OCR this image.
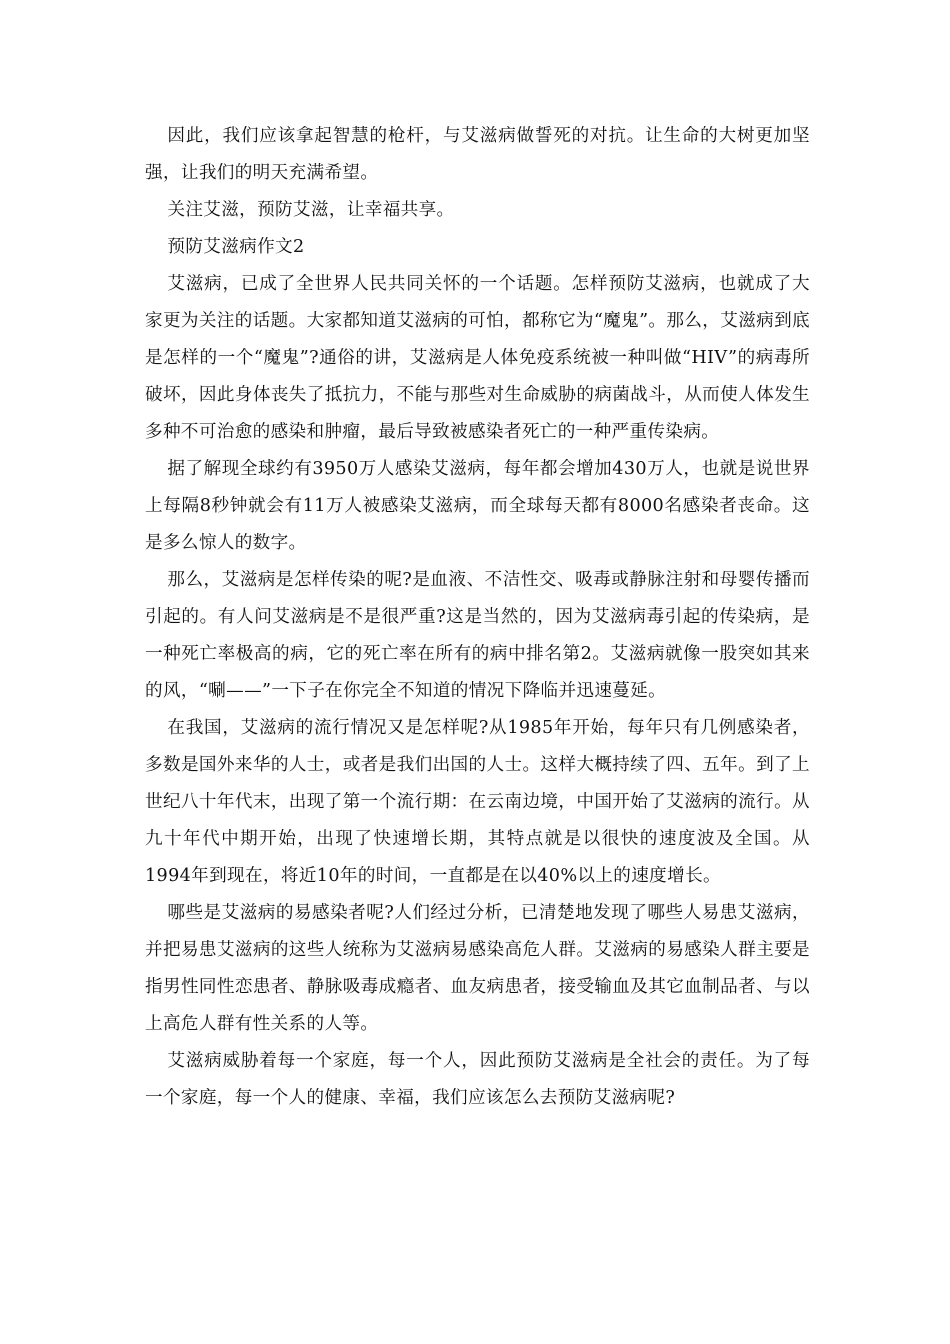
因此，我们应该拿起智慧的枪杆，与艾滋病做誓死的对抗。让生命的大树更加坚强，让我们的明天充满希望。

关注艾滋，预防艾滋，让幸福共享。

预防艾滋病作文2

艾滋病，已成了全世界人民共同关怀的一个话题。怎样预防艾滋病，也就成了大家更为关注的话题。大家都知道艾滋病的可怕，都称它为“魔鬼”。那么，艾滋病到底是怎样的一个“魔鬼”?通俗的讲，艾滋病是人体免疫系统被一种叫做“HIV”的病毒所破坏，因此身体丧失了抵抗力，不能与那些对生命威胁的病菌战斗，从而使人体发生多种不可治愈的感染和肿瘤，最后导致被感染者死亡的一种严重传染病。

据了解现全球约有3950万人感染艾滋病，每年都会增加430万人，也就是说世界上每隔8秒钟就会有11万人被感染艾滋病，而全球每天都有8000名感染者丧命。这是多么惊人的数字。

那么，艾滋病是怎样传染的呢?是血液、不洁性交、吸毒或静脉注射和母婴传播而引起的。有人问艾滋病是不是很严重?这是当然的，因为艾滋病毒引起的传染病，是一种死亡率极高的病，它的死亡率在所有的病中排名第2。艾滋病就像一股突如其来的风，“唰——”一下子在你完全不知道的情况下降临并迅速蔓延。

在我国，艾滋病的流行情况又是怎样呢?从1985年开始，每年只有几例感染者，多数是国外来华的人士，或者是我们出国的人士。这样大概持续了四、五年。到了上世纪八十年代末，出现了第一个流行期：在云南边境，中国开始了艾滋病的流行。从九十年代中期开始，出现了快速增长期，其特点就是以很快的速度波及全国。从1994年到现在，将近10年的时间，一直都是在以40%以上的速度增长。

哪些是艾滋病的易感染者呢?人们经过分析，已清楚地发现了哪些人易患艾滋病，并把易患艾滋病的这些人统称为艾滋病易感染高危人群。艾滋病的易感染人群主要是指男性同性恋患者、静脉吸毒成瘾者、血友病患者，接受输血及其它血制品者、与以上高危人群有性关系的人等。

艾滋病威胁着每一个家庭，每一个人，因此预防艾滋病是全社会的责任。为了每一个家庭，每一个人的健康、幸福，我们应该怎么去预防艾滋病呢?
